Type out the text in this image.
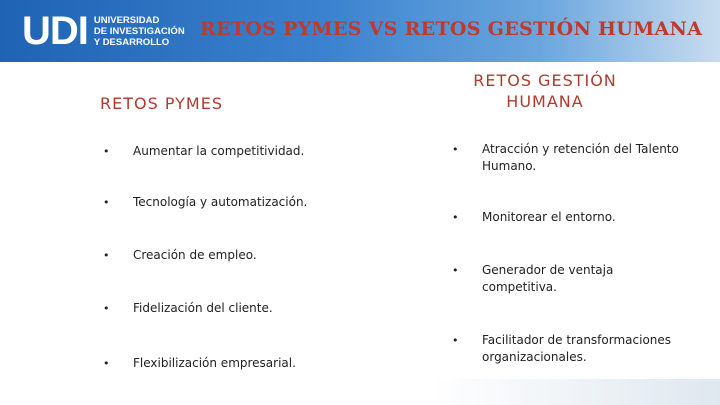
UDI UNIVERSIDAD
DE INVESTIGACIÓN
Y DESARROLLO
RETOS PYMES VS RETOS GESTIÓN HUMANA
RETOS PYMES
RETOS GESTIÓN HUMANA
•	Aumentar la competitividad.
•	Tecnología y automatización.
•	Creación de empleo.
•	Fidelización del cliente.
•	Flexibilización empresarial.
•	Atracción y retención del Talento Humano.
•	Monitorear el entorno.
•	Generador de ventaja competitiva.
•	Facilitador de transformaciones organizacionales.
